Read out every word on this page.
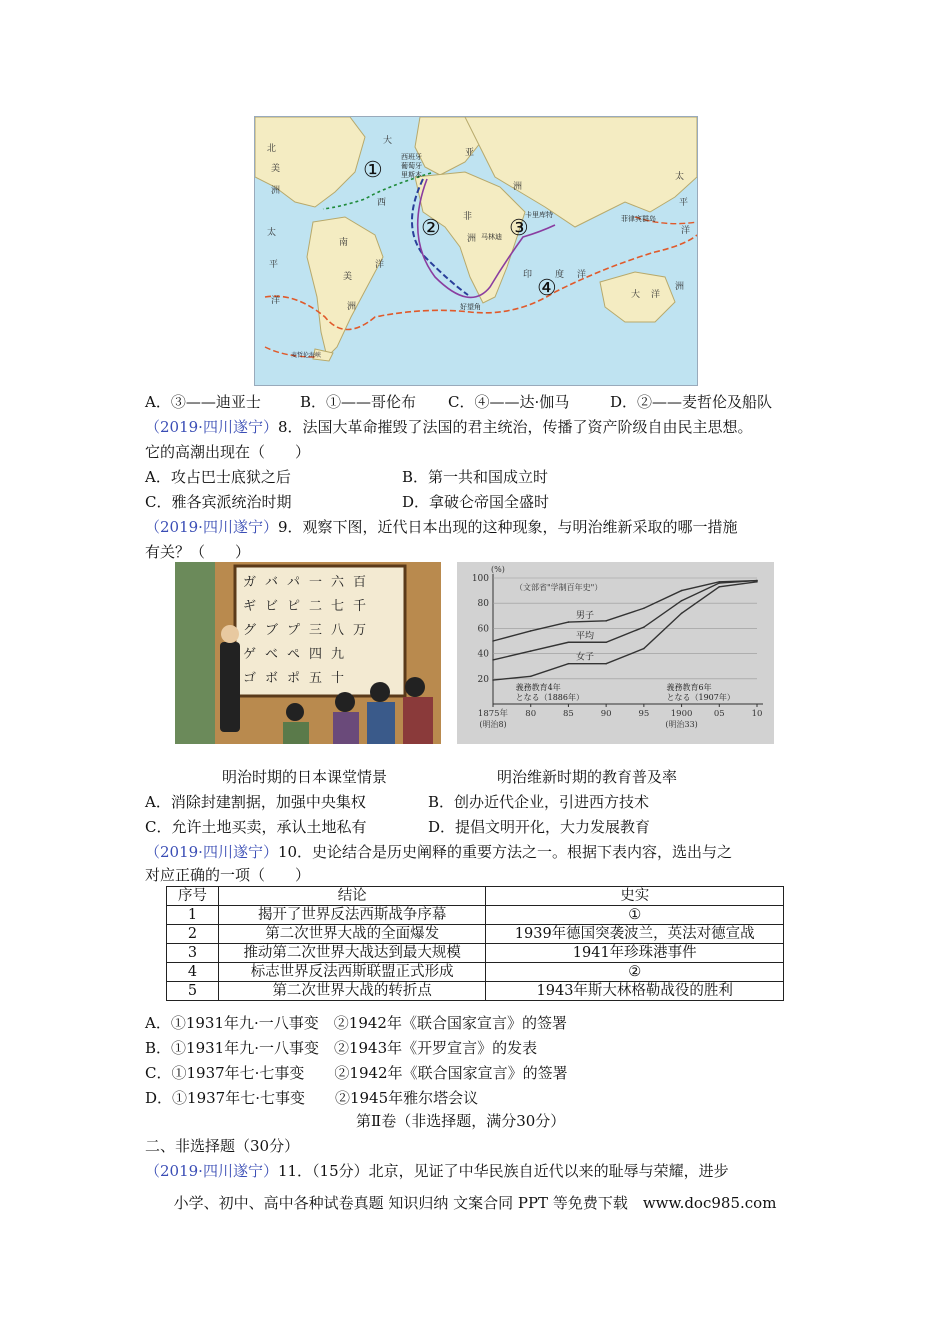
①
②	③
④
西班牙
葡萄牙
里斯本
卡里库特
马林迪
菲律宾群岛
好望角
麦哲伦海峡
北
美
洲
南
美
洲
非
洲
亚
洲
大 洋
洲
大
西
洋
印	度 洋
太
平
洋
太
平
洋
A．③——迪亚士	B．①——哥伦布 C．④——达·伽马	D．②——麦哲伦及船队
（2019·四川遂宁）8．法国大革命摧毁了法国的君主统治，传播了资产阶级自由民主思想。
它的高潮出现在（　　）
A．攻占巴士底狱之后	B．第一共和国成立时
C．雅各宾派统治时期	D．拿破仑帝国全盛时
（2019·四川遂宁）9．观察下图，近代日本出现的这种现象，与明治维新采取的哪一措施
有关？（　　）
ガ
ギ
グ
ゲ
ゴ
バ
ビ
ブ
ベ
ボ
パ
ピ
プ
ペ
ポ
一
二
三
四
五
六
七
八
九
十
百
千
万
20
40
60
80
100
(%)
（文部省"学制百年史"）
1875年 80	85	90	95	1900	05	10
(明治8)	(明治33)
男子
平均
女子
義務教育4年
となる（1886年）
義務教育6年
となる（1907年）
明治时期的日本课堂情景	明治维新时期的教育普及率
A．消除封建割据，加强中央集权	B．创办近代企业，引进西方技术
C．允许土地买卖，承认土地私有	D．提倡文明开化，大力发展教育
（2019·四川遂宁）10．史论结合是历史阐释的重要方法之一。根据下表内容，选出与之
对应正确的一项（　　）
序号	结论	史实
1	揭开了世界反法西斯战争序幕	①
2	第二次世界大战的全面爆发	1939年德国突袭波兰，英法对德宣战
3	推动第二次世界大战达到最大规模	1941年珍珠港事件
4	标志世界反法西斯联盟正式形成	②
5	第二次世界大战的转折点	1943年斯大林格勒战役的胜利
A．①1931年九·一八事变　②1942年《联合国家宣言》的签署
B．①1931年九·一八事变　②1943年《开罗宣言》的发表
C．①1937年七·七事变　　②1942年《联合国家宣言》的签署
D．①1937年七·七事变　　②1945年雅尔塔会议
第Ⅱ卷（非选择题，满分30分）
二、非选择题（30分）
（2019·四川遂宁）11．（15分）北京，见证了中华民族自近代以来的耻辱与荣耀，进步
小学、初中、高中各种试卷真题 知识归纳 文案合同 PPT 等免费下载　www.doc985.com
